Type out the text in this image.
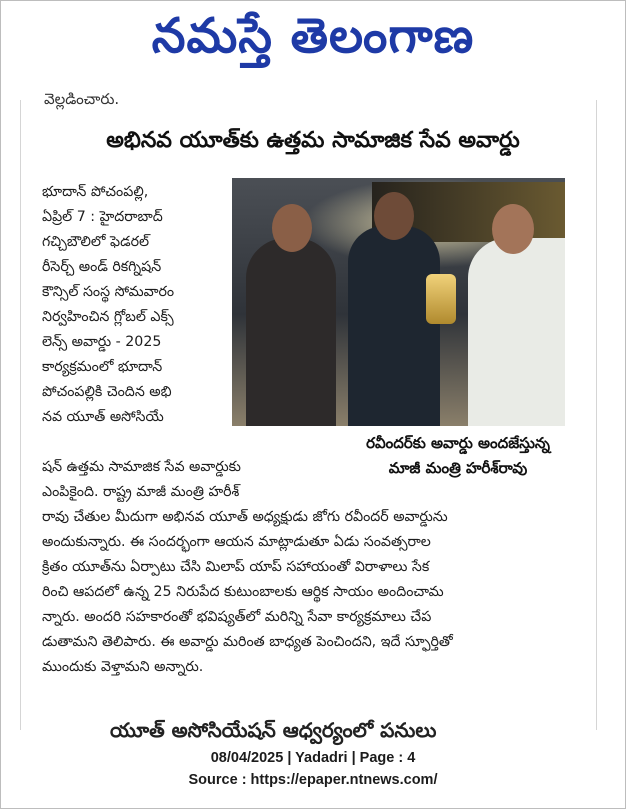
నమస్తే తెలంగాణ
వెల్లడించారు.
అభినవ యూత్‌కు ఉత్తమ సామాజిక సేవ అవార్డు
భూదాన్ పోచంపల్లి,
ఏప్రిల్ 7 : హైదరాబాద్
గచ్చిబౌలిలో ఫెడరల్
రీసెర్చ్ అండ్ రికగ్నిషన్
కౌన్సిల్ సంస్థ సోమవారం
నిర్వహించిన గ్లోబల్ ఎక్స్
లెన్స్ అవార్డు - 2025
కార్యక్రమంలో భూదాన్
పోచంపల్లికి చెందిన అభి
నవ యూత్ అసోసియే
షన్ ఉత్తమ సామాజిక సేవ అవార్డుకు
ఎంపికైంది. రాష్ట్ర మాజీ మంత్రి హరీశ్
రావు చేతుల మీదుగా అభినవ యూత్ అధ్యక్షుడు జోగు రవీందర్ అవార్డును
అందుకున్నారు. ఈ సందర్భంగా ఆయన మాట్లాడుతూ ఏడు సంవత్సరాల
క్రితం యూత్‌ను ఏర్పాటు చేసి మిలాప్ యాప్ సహాయంతో విరాళాలు సేక
రించి ఆపదలో ఉన్న 25 నిరుపేద కుటుంబాలకు ఆర్థిక సాయం అందించామ
న్నారు. అందరి సహకారంతో భవిష్యత్‌లో మరిన్ని సేవా కార్యక్రమాలు చేప
డుతామని తెలిపారు. ఈ అవార్డు మరింత బాధ్యత పెంచిందని, ఇదే స్ఫూర్తితో
ముందుకు వెళ్తామని అన్నారు.
రవీందర్‌కు అవార్డు అందజేస్తున్న
మాజీ మంత్రి హరీశ్‌రావు
యూత్ అసోసియేషన్ ఆధ్వర్యంలో పనులు
08/04/2025 | Yadadri | Page : 4
Source : https://epaper.ntnews.com/
